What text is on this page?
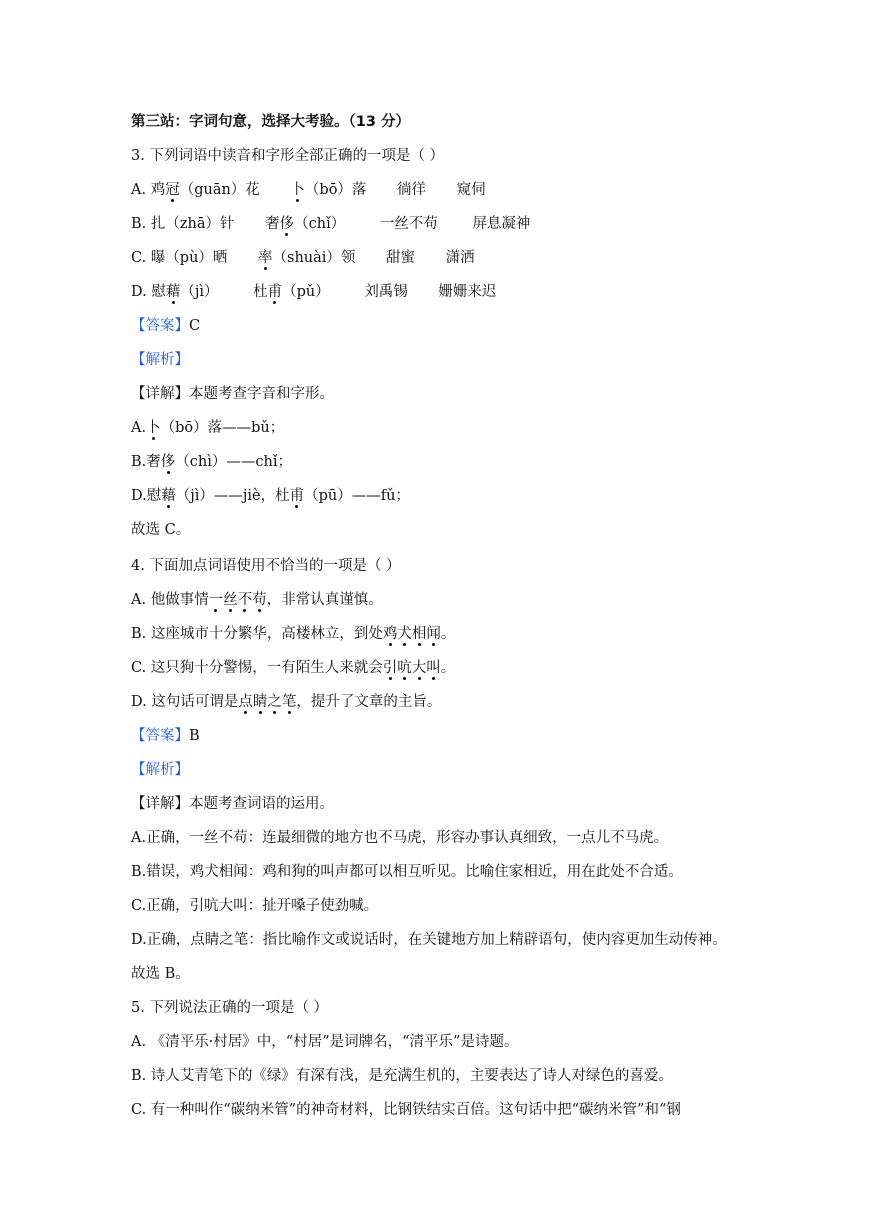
第三站：字词句意，选择大考验。（13 分）
3. 下列词语中读音和字形全部正确的一项是（ ）
A. 鸡冠（guān）花 卜（bō）落 徜徉 窥伺
B. 扎（zhā）针 奢侈（chǐ） 一丝不苟 屏息凝神
C. 曝（pù）晒 率（shuài）领 甜蜜 潇洒
D. 慰藉（jì） 杜甫（pǔ） 刘禹锡 姗姗来迟
【答案】C
【解析】
【详解】本题考查字音和字形。
A.卜（bō）落——bǔ；
B.奢侈（chì）——chǐ；
D.慰藉（jì）——jiè，杜甫（pū）——fǔ；
故选 C。
4. 下面加点词语使用不恰当的一项是（ ）
A. 他做事情一丝不苟，非常认真谨慎。
B. 这座城市十分繁华，高楼林立，到处鸡犬相闻。
C. 这只狗十分警惕，一有陌生人来就会引吭大叫。
D. 这句话可谓是点睛之笔，提升了文章的主旨。
【答案】B
【解析】
【详解】本题考查词语的运用。
A.正确，一丝不苟：连最细微的地方也不马虎，形容办事认真细致，一点儿不马虎。
B.错误，鸡犬相闻：鸡和狗的叫声都可以相互听见。比喻住家相近，用在此处不合适。
C.正确，引吭大叫：扯开嗓子使劲喊。
D.正确，点睛之笔：指比喻作文或说话时，在关键地方加上精辟语句，使内容更加生动传神。
故选 B。
5. 下列说法正确的一项是（ ）
A. 《清平乐·村居》中，“村居”是词牌名，“清平乐”是诗题。
B. 诗人艾青笔下的《绿》有深有浅，是充满生机的，主要表达了诗人对绿色的喜爱。
C. 有一种叫作“碳纳米管”的神奇材料，比钢铁结实百倍。这句话中把“碳纳米管”和“钢
